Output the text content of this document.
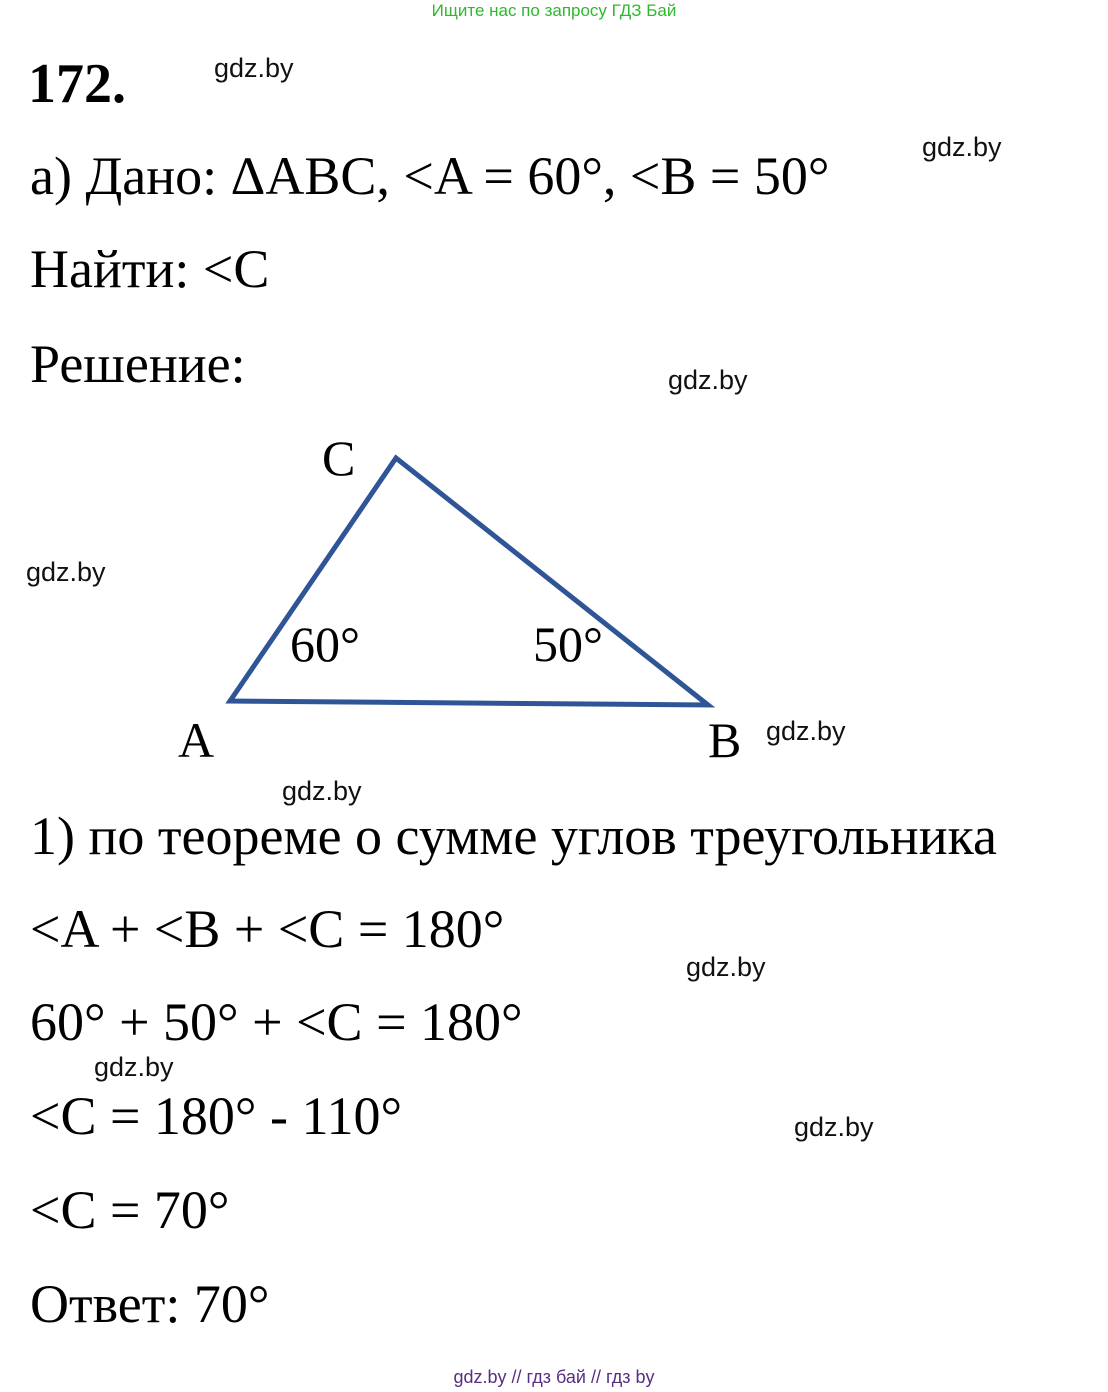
Ищите нас по запросу ГДЗ Бай
172.	gdz.by
gdz.by
gdz.by
gdz.by
gdz.by
gdz.by
gdz.by
gdz.by
gdz.by
а) Дано: ΔABC, <A = 60°, <B = 50°
Найти: <C
Решение:
C
A	B
60°	50°
1) по теореме о сумме углов треугольника
<A + <B + <C = 180°
60° + 50° + <C = 180°
<C = 180° - 110°
<C = 70°
Ответ: 70°
gdz.by // гдз бай // гдз by
